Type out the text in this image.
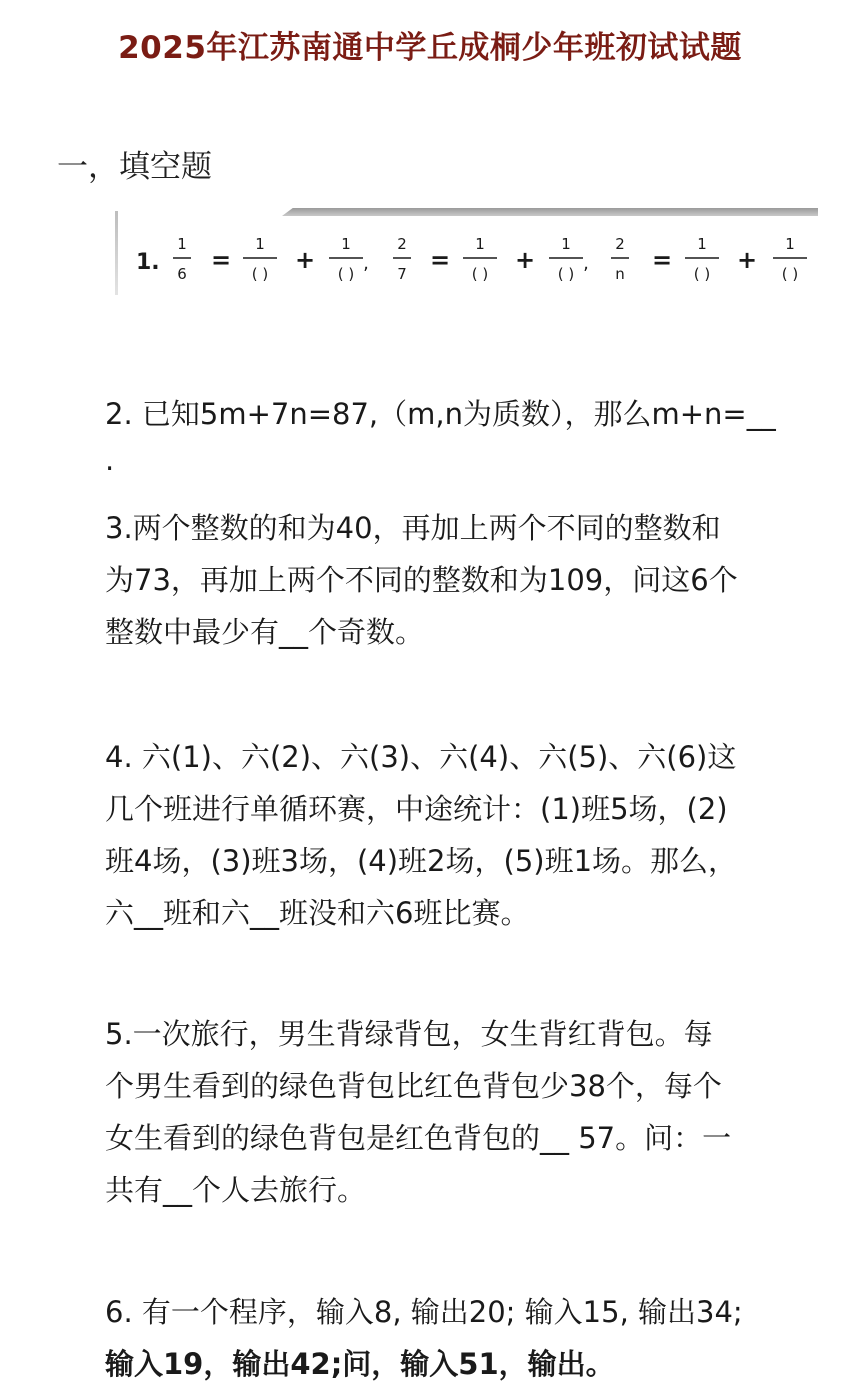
2025年江苏南通中学丘成桐少年班初试试题
一，填空题
1.
1
6
1
( )
1
( )
2
7
1
( )
1
( )
2
n
1
( )
1
( )
=	=	=
+	+	+
,	,

2. 已知5m+7n=87,（m,n为质数），那么m+n=__

.

3.两个整数的和为40，再加上两个不同的整数和

为73，再加上两个不同的整数和为109，问这6个

整数中最少有__个奇数。

4. 六(1)、六(2)、六(3)、六(4)、六(5)、六(6)这

几个班进行单循环赛，中途统计：(1)班5场，(2)

班4场，(3)班3场，(4)班2场，(5)班1场。那么，

六__班和六__班没和六6班比赛。

5.一次旅行，男生背绿背包，女生背红背包。每

个男生看到的绿色背包比红色背包少38个，每个

女生看到的绿色背包是红色背包的__ 57。问：一

共有__个人去旅行。

6. 有一个程序，输入8, 输出20; 输入15, 输出34;

输入19，输出42;问，输入51，输出。
